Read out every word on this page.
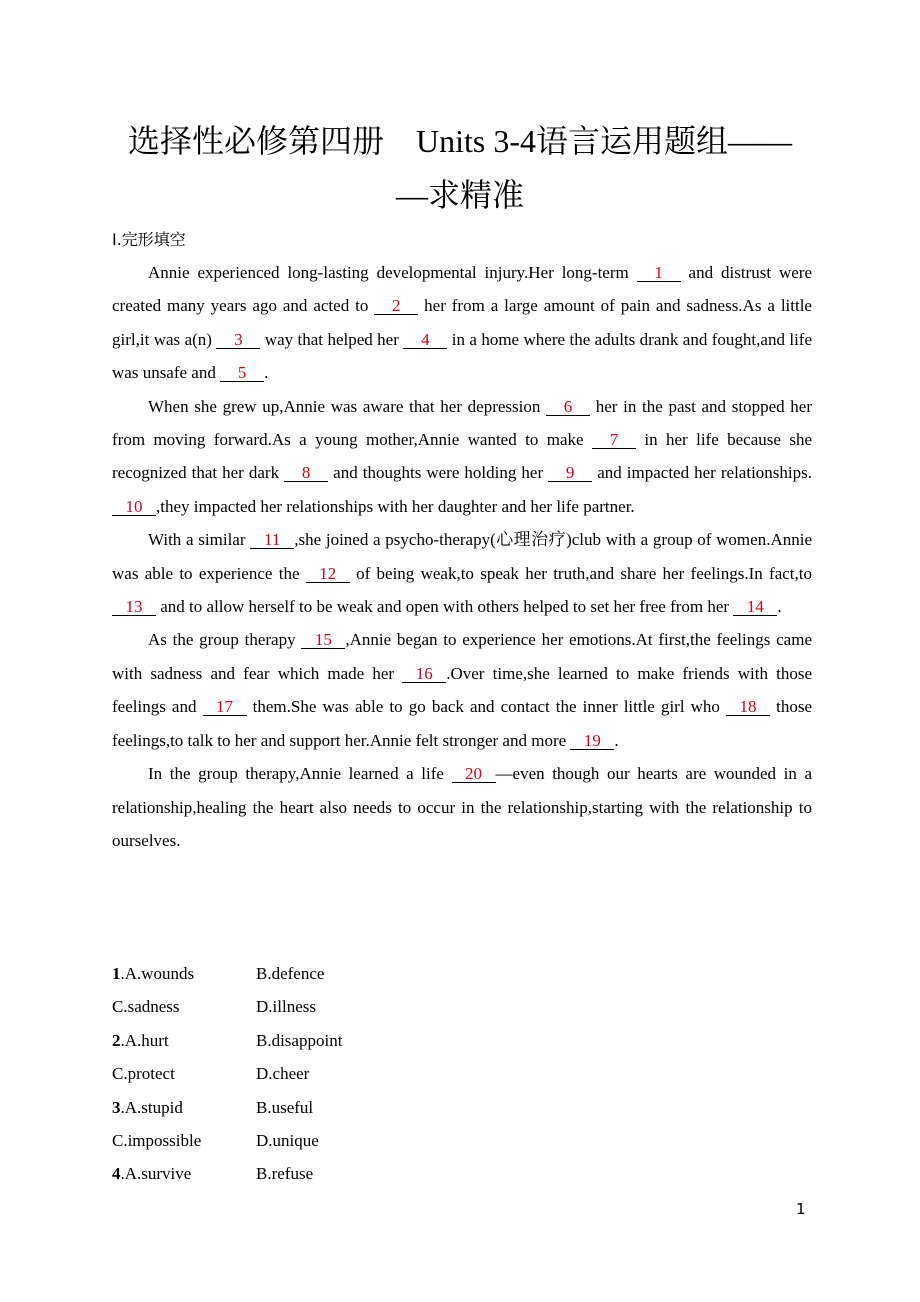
选择性必修第四册　Units 3-4语言运用题组——
—求精准
Ⅰ.完形填空

Annie experienced long-lasting developmental injury.Her long-term 1 and distrust were created many years ago and acted to 2 her from a large amount of pain and sadness.As a little girl,it was a(n) 3 way that helped her 4 in a home where the adults drank and fought,and life was unsafe and 5 .

When she grew up,Annie was aware that her depression 6 her in the past and stopped her from moving forward.As a young mother,Annie wanted to make 7 in her life because she recognized that her dark 8 and thoughts were holding her 9 and impacted her relationships.10 ,they impacted her relationships with her daughter and her life partner.

With a similar 11 ,she joined a psycho-therapy(心理治疗)club with a group of women.Annie was able to experience the 12 of being weak,to speak her truth,and share her feelings.In fact,to 13 and to allow herself to be weak and open with others helped to set her free from her 14 .

As the group therapy 15 ,Annie began to experience her emotions.At first,the feelings came with sadness and fear which made her 16 .Over time,she learned to make friends with those feelings and 17 them.She was able to go back and contact the inner little girl who 18 those feelings,to talk to her and support her.Annie felt stronger and more 19 .

In the group therapy,Annie learned a life 20 —even though our hearts are wounded in a relationship,healing the heart also needs to occur in the relationship,starting with the relationship to ourselves.

1.A.wounds	B.defence
C.sadness	D.illness
2.A.hurt	B.disappoint
C.protect	D.cheer
3.A.stupid	B.useful
C.impossible	D.unique
4.A.survive	B.refuse
1
